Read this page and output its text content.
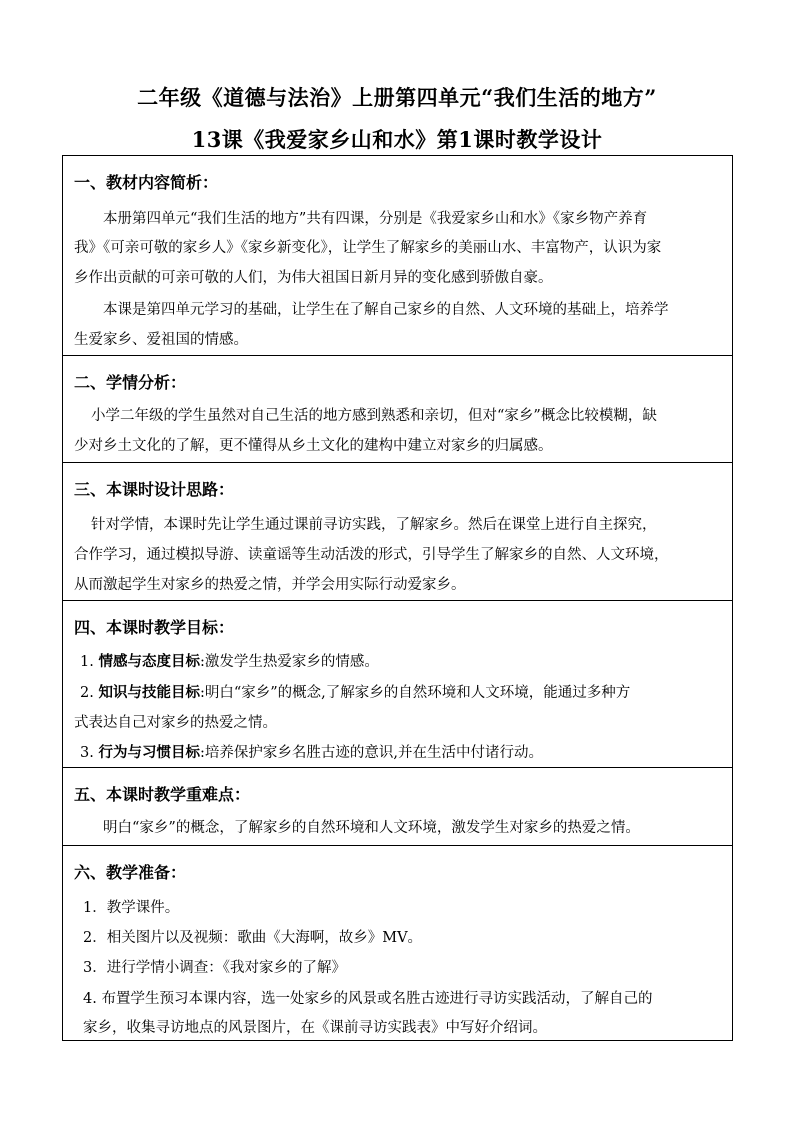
二年级《道德与法治》上册第四单元“我们生活的地方”
13课《我爱家乡山和水》第1课时教学设计
一、教材内容简析：
本册第四单元“我们生活的地方”共有四课，分别是《我爱家乡山和水》《家乡物产养育
我》《可亲可敬的家乡人》《家乡新变化》，让学生了解家乡的美丽山水、丰富物产，认识为家
乡作出贡献的可亲可敬的人们，为伟大祖国日新月异的变化感到骄傲自豪。
本课是第四单元学习的基础，让学生在了解自己家乡的自然、人文环境的基础上，培养学
生爱家乡、爱祖国的情感。
二、学情分析：
小学二年级的学生虽然对自己生活的地方感到熟悉和亲切，但对“家乡”概念比较模糊，缺
少对乡土文化的了解，更不懂得从乡土文化的建构中建立对家乡的归属感。
三、本课时设计思路：
针对学情，本课时先让学生通过课前寻访实践，了解家乡。然后在课堂上进行自主探究，
合作学习，通过模拟导游、读童谣等生动活泼的形式，引导学生了解家乡的自然、人文环境，
从而激起学生对家乡的热爱之情，并学会用实际行动爱家乡。
四、本课时教学目标：
1. 情感与态度目标:激发学生热爱家乡的情感。
2. 知识与技能目标:明白“家乡”的概念,了解家乡的自然环境和人文环境，能通过多种方
式表达自己对家乡的热爱之情。
3. 行为与习惯目标:培养保护家乡名胜古迹的意识,并在生活中付诸行动。
五、本课时教学重难点：
明白“家乡”的概念，了解家乡的自然环境和人文环境，激发学生对家乡的热爱之情。
六、教学准备：
1．教学课件。
2．相关图片以及视频：歌曲《大海啊，故乡》MV。
3．进行学情小调查：《我对家乡的了解》
4. 布置学生预习本课内容，选一处家乡的风景或名胜古迹进行寻访实践活动，了解自己的
家乡，收集寻访地点的风景图片，在《课前寻访实践表》中写好介绍词。
